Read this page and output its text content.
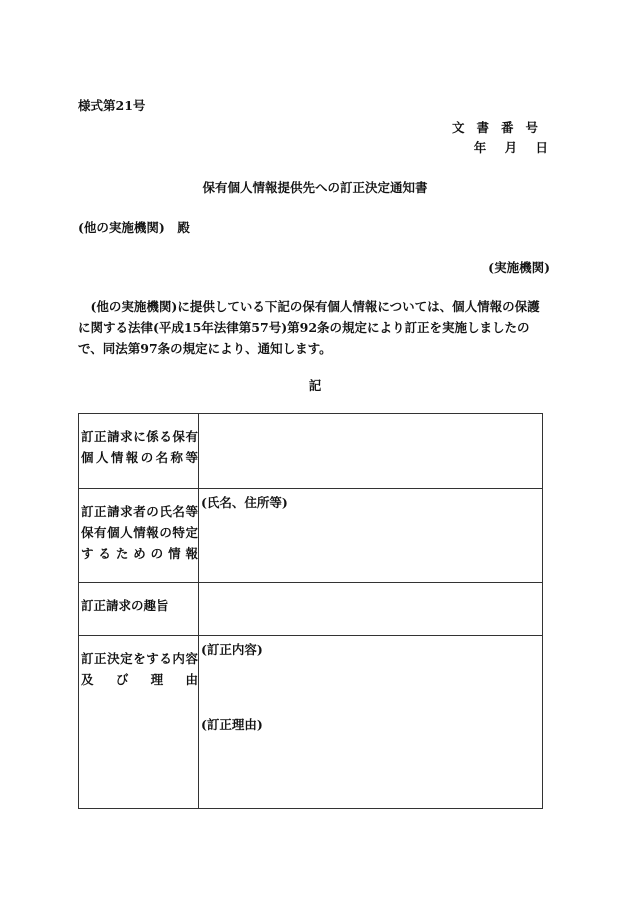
様式第21号
文書番号
年 月 日
保有個人情報提供先への訂正決定通知書
(他の実施機関)　殿
(実施機関)
(他の実施機関)に提供している下記の保有個人情報については、個人情報の保護に関する法律(平成15年法律第57号)第92条の規定により訂正を実施しましたので、同法第97条の規定により、通知します。
記
訂正請求に係る保有個人情報の名称等	
訂正請求者の氏名等保有個人情報の特定するための情報	(氏名、住所等)
訂正請求の趣旨	
訂正決定をする内容及び理由	(訂正内容)
(訂正理由)
